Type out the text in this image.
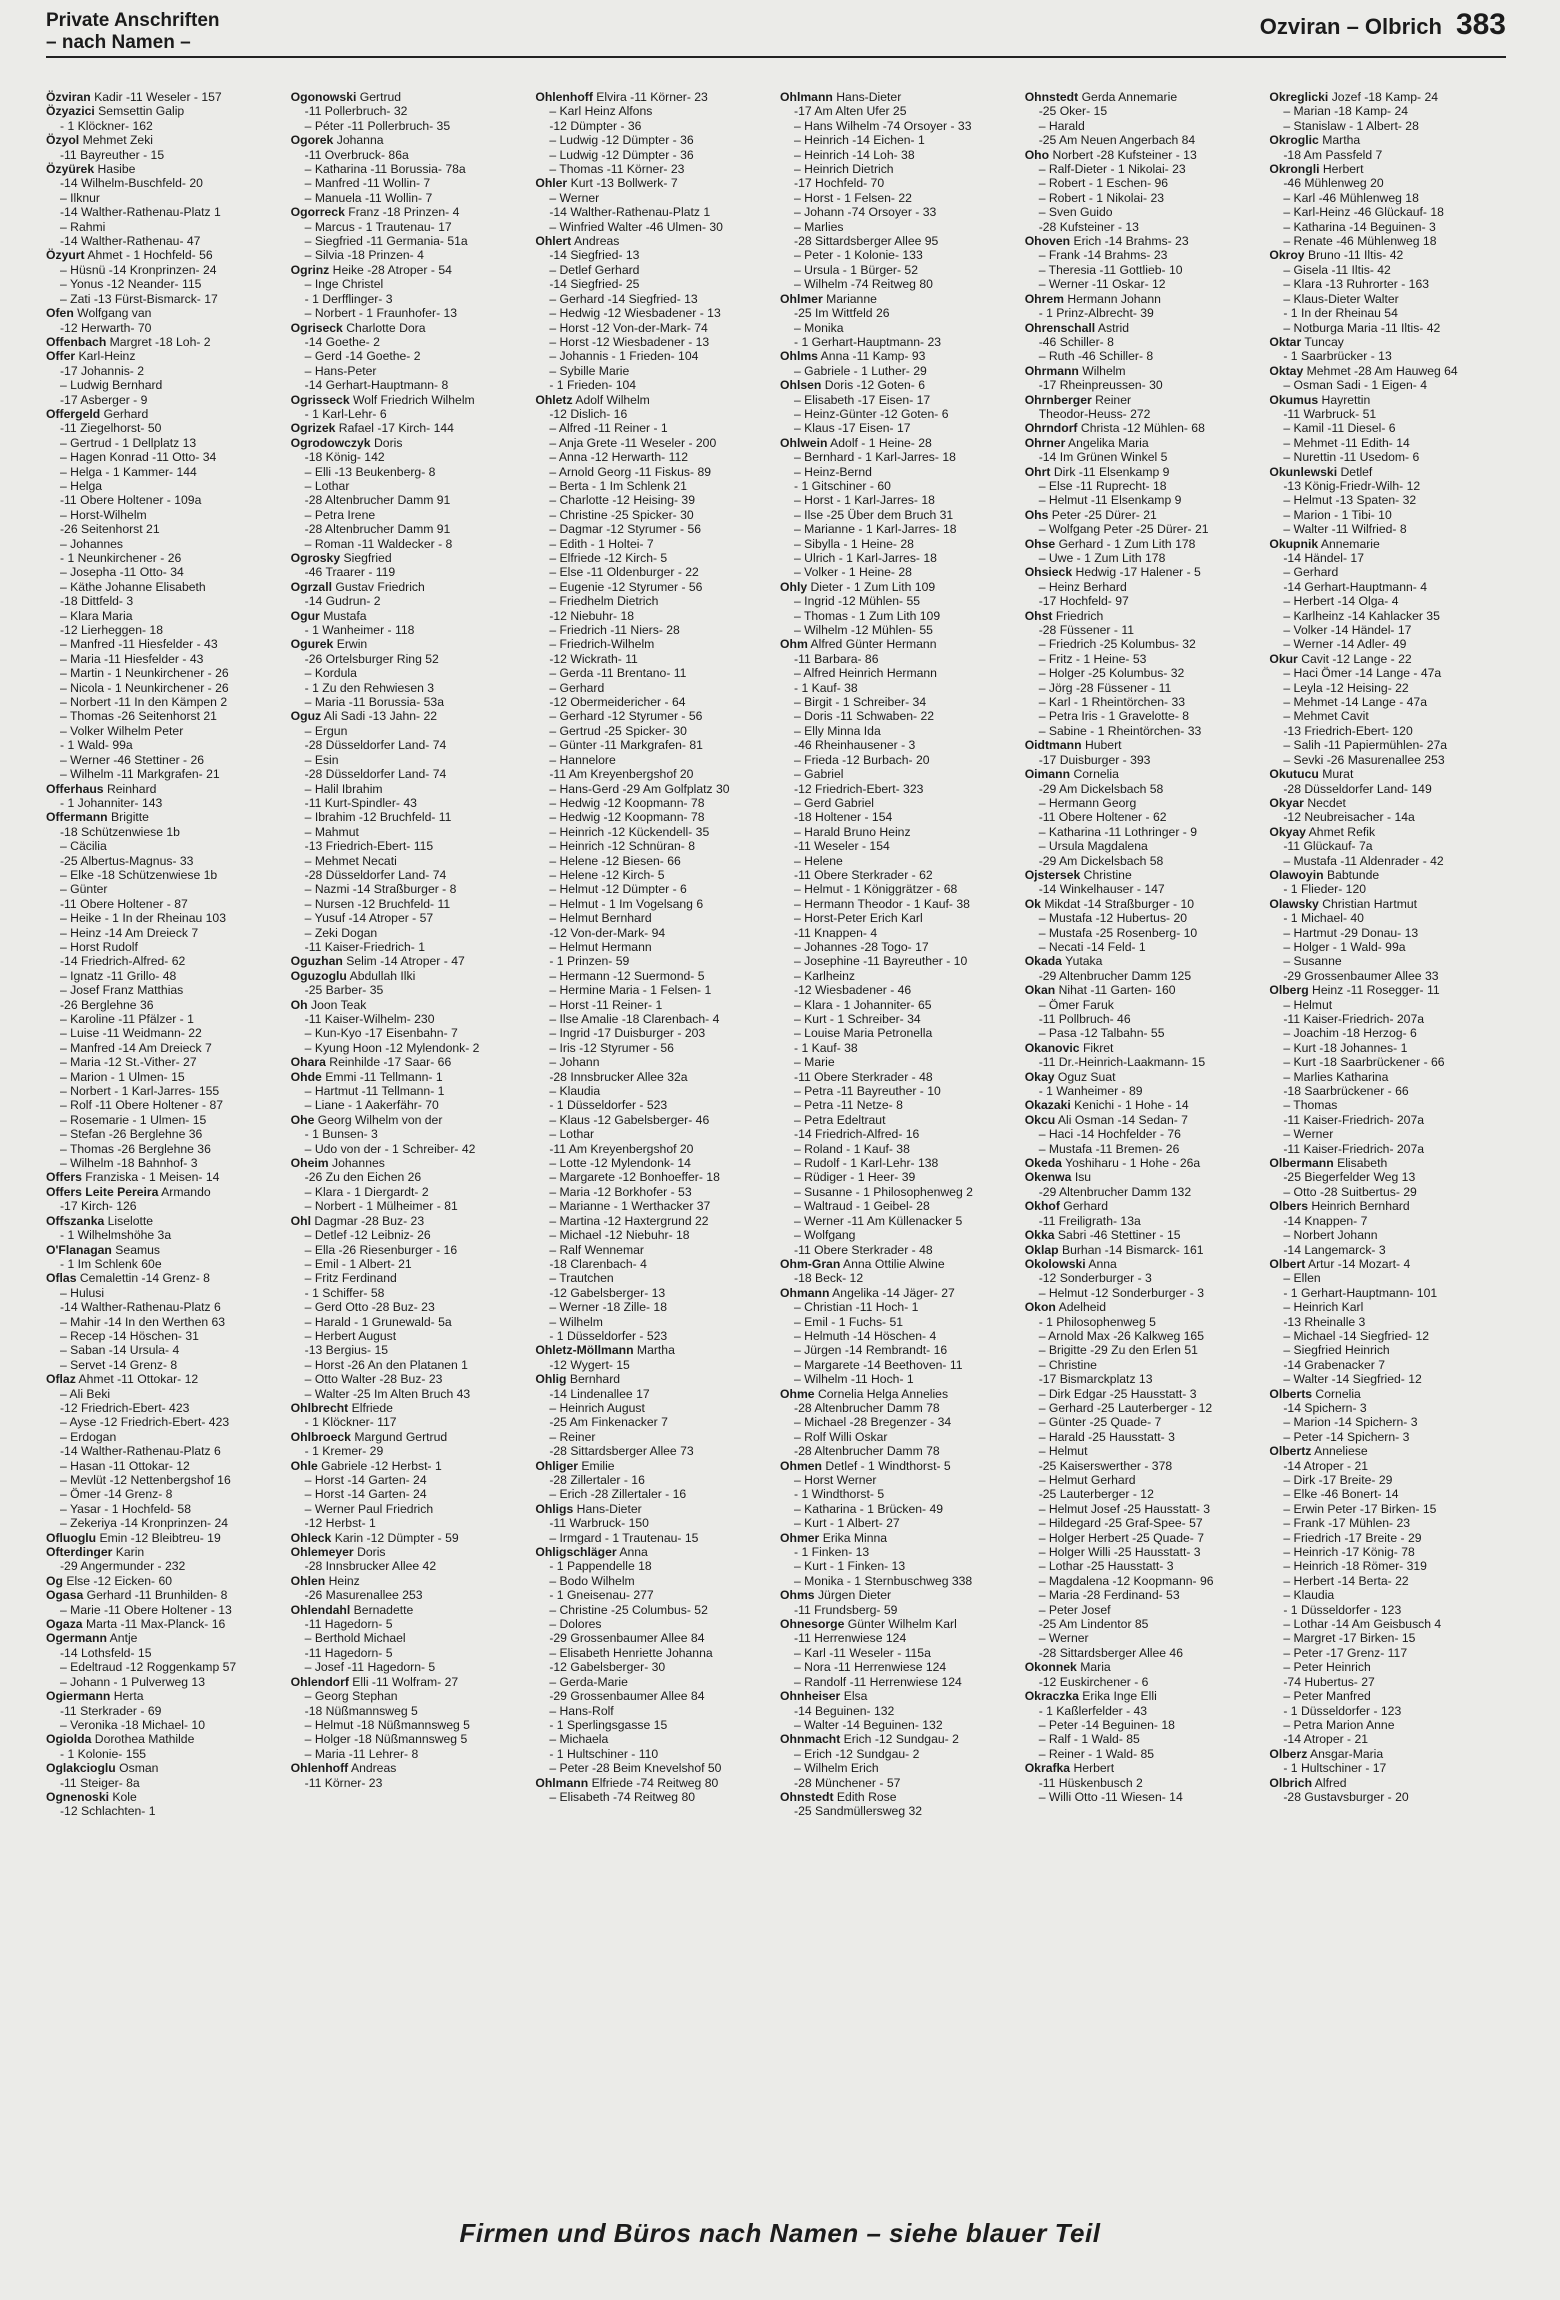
Private Anschriften
– nach Namen –
Ozviran – Olbrich 383
Özviran Kadir -11 Weseler - 157
Özyazici Semsettin Galip
- 1 Klöckner- 162
Özyol Mehmet Zeki
-11 Bayreuther - 15
Özyürek Hasibe
-14 Wilhelm-Buschfeld- 20
– Ilknur
-14 Walther-Rathenau-Platz 1
– Rahmi
-14 Walther-Rathenau- 47
Özyurt Ahmet - 1 Hochfeld- 56
– Hüsnü -14 Kronprinzen- 24
– Yonus -12 Neander- 115
– Zati -13 Fürst-Bismarck- 17
Ofen Wolfgang van
-12 Herwarth- 70
Offenbach Margret -18 Loh- 2
Offer Karl-Heinz
-17 Johannis- 2
– Ludwig Bernhard
-17 Asberger - 9
Offergeld Gerhard
-11 Ziegelhorst- 50
– Gertrud - 1 Dellplatz 13
– Hagen Konrad -11 Otto- 34
– Helga - 1 Kammer- 144
– Helga
-11 Obere Holtener - 109a
– Horst-Wilhelm
-26 Seitenhorst 21
– Johannes
- 1 Neunkirchener - 26
– Josepha -11 Otto- 34
– Käthe Johanne Elisabeth
-18 Dittfeld- 3
– Klara Maria
-12 Lierheggen- 18
– Manfred -11 Hiesfelder - 43
– Maria -11 Hiesfelder - 43
– Martin - 1 Neunkirchener - 26
– Nicola - 1 Neunkirchener - 26
– Norbert -11 In den Kämpen 2
– Thomas -26 Seitenhorst 21
– Volker Wilhelm Peter
- 1 Wald- 99a
– Werner -46 Stettiner - 26
– Wilhelm -11 Markgrafen- 21
Offerhaus Reinhard
- 1 Johanniter- 143
Offermann Brigitte
-18 Schützenwiese 1b
– Cäcilia
-25 Albertus-Magnus- 33
– Elke -18 Schützenwiese 1b
– Günter
-11 Obere Holtener - 87
– Heike - 1 In der Rheinau 103
– Heinz -14 Am Dreieck 7
– Horst Rudolf
-14 Friedrich-Alfred- 62
– Ignatz -11 Grillo- 48
– Josef Franz Matthias
-26 Berglehne 36
– Karoline -11 Pfälzer - 1
– Luise -11 Weidmann- 22
– Manfred -14 Am Dreieck 7
– Maria -12 St.-Vither- 27
– Marion - 1 Ulmen- 15
– Norbert - 1 Karl-Jarres- 155
– Rolf -11 Obere Holtener - 87
– Rosemarie - 1 Ulmen- 15
– Stefan -26 Berglehne 36
– Thomas -26 Berglehne 36
– Wilhelm -18 Bahnhof- 3
Offers Franziska - 1 Meisen- 14
Offers Leite Pereira Armando
-17 Kirch- 126
Offszanka Liselotte
- 1 Wilhelmshöhe 3a
O'Flanagan Seamus
- 1 Im Schlenk 60e
Oflas Cemalettin -14 Grenz- 8
– Hulusi
-14 Walther-Rathenau-Platz 6
– Mahir -14 In den Werthen 63
– Recep -14 Höschen- 31
– Saban -14 Ursula- 4
– Servet -14 Grenz- 8
Oflaz Ahmet -11 Ottokar- 12
– Ali Beki
-12 Friedrich-Ebert- 423
– Ayse -12 Friedrich-Ebert- 423
– Erdogan
-14 Walther-Rathenau-Platz 6
– Hasan -11 Ottokar- 12
– Mevlüt -12 Nettenbergshof 16
– Ömer -14 Grenz- 8
– Yasar - 1 Hochfeld- 58
– Zekeriya -14 Kronprinzen- 24
Ofluoglu Emin -12 Bleibtreu- 19
Ofterdinger Karin
-29 Angermunder - 232
Og Else -12 Eicken- 60
Ogasa Gerhard -11 Brunhilden- 8
– Marie -11 Obere Holtener - 13
Ogaza Marta -11 Max-Planck- 16
Ogermann Antje
-14 Lothsfeld- 15
– Edeltraud -12 Roggenkamp 57
– Johann - 1 Pulverweg 13
Ogiermann Herta
-11 Sterkrader - 69
– Veronika -18 Michael- 10
Ogiolda Dorothea Mathilde
- 1 Kolonie- 155
Oglakcioglu Osman
-11 Steiger- 8a
Ognenoski Kole
-12 Schlachten- 1
Ogonowski Gertrud
-11 Pollerbruch- 32
– Péter -11 Pollerbruch- 35
Ogorek Johanna
-11 Overbruck- 86a
– Katharina -11 Borussia- 78a
– Manfred -11 Wollin- 7
– Manuela -11 Wollin- 7
Ogorreck Franz -18 Prinzen- 4
– Marcus - 1 Trautenau- 17
– Siegfried -11 Germania- 51a
– Silvia -18 Prinzen- 4
Ogrinz Heike -28 Atroper - 54
– Inge Christel
- 1 Derfflinger- 3
– Norbert - 1 Fraunhofer- 13
Ogriseck Charlotte Dora
-14 Goethe- 2
– Gerd -14 Goethe- 2
– Hans-Peter
-14 Gerhart-Hauptmann- 8
Ogrisseck Wolf Friedrich Wilhelm
- 1 Karl-Lehr- 6
Ogrizek Rafael -17 Kirch- 144
Ogrodowczyk Doris
-18 König- 142
– Elli -13 Beukenberg- 8
– Lothar
-28 Altenbrucher Damm 91
– Petra Irene
-28 Altenbrucher Damm 91
– Roman -11 Waldecker - 8
Ogrosky Siegfried
-46 Traarer - 119
Ogrzall Gustav Friedrich
-14 Gudrun- 2
Ogur Mustafa
- 1 Wanheimer - 118
Ogurek Erwin
-26 Ortelsburger Ring 52
– Kordula
- 1 Zu den Rehwiesen 3
– Maria -11 Borussia- 53a
Oguz Ali Sadi -13 Jahn- 22
– Ergun
-28 Düsseldorfer Land- 74
– Esin
-28 Düsseldorfer Land- 74
– Halil Ibrahim
-11 Kurt-Spindler- 43
– Ibrahim -12 Bruchfeld- 11
– Mahmut
-13 Friedrich-Ebert- 115
– Mehmet Necati
-28 Düsseldorfer Land- 74
– Nazmi -14 Straßburger - 8
– Nursen -12 Bruchfeld- 11
– Yusuf -14 Atroper - 57
– Zeki Dogan
-11 Kaiser-Friedrich- 1
Oguzhan Selim -14 Atroper - 47
Oguzoglu Abdullah Ilki
-25 Barber- 35
Oh Joon Teak
-11 Kaiser-Wilhelm- 230
– Kun-Kyo -17 Eisenbahn- 7
– Kyung Hoon -12 Mylendonk- 2
Ohara Reinhilde -17 Saar- 66
Ohde Emmi -11 Tellmann- 1
– Hartmut -11 Tellmann- 1
– Liane - 1 Aakerfähr- 70
Ohe Georg Wilhelm von der
- 1 Bunsen- 3
– Udo von der - 1 Schreiber- 42
Oheim Johannes
-26 Zu den Eichen 26
– Klara - 1 Diergardt- 2
– Norbert - 1 Mülheimer - 81
Ohl Dagmar -28 Buz- 23
– Detlef -12 Leibniz- 26
– Ella -26 Riesenburger - 16
– Emil - 1 Albert- 21
– Fritz Ferdinand
- 1 Schiffer- 58
– Gerd Otto -28 Buz- 23
– Harald - 1 Grunewald- 5a
– Herbert August
-13 Bergius- 15
– Horst -26 An den Platanen 1
– Otto Walter -28 Buz- 23
– Walter -25 Im Alten Bruch 43
Ohlbrecht Elfriede
- 1 Klöckner- 117
Ohlbroeck Margund Gertrud
- 1 Kremer- 29
Ohle Gabriele -12 Herbst- 1
– Horst -14 Garten- 24
– Horst -14 Garten- 24
– Werner Paul Friedrich
-12 Herbst- 1
Ohleck Karin -12 Dümpter - 59
Ohlemeyer Doris
-28 Innsbrucker Allee 42
Ohlen Heinz
-26 Masurenallee 253
Ohlendahl Bernadette
-11 Hagedorn- 5
– Berthold Michael
-11 Hagedorn- 5
– Josef -11 Hagedorn- 5
Ohlendorf Elli -11 Wolfram- 27
– Georg Stephan
-18 Nüßmannsweg 5
– Helmut -18 Nüßmannsweg 5
– Holger -18 Nüßmannsweg 5
– Maria -11 Lehrer- 8
Ohlenhoff Andreas
-11 Körner- 23
Ohlenhoff Elvira -11 Körner- 23
– Karl Heinz Alfons
-12 Dümpter - 36
– Ludwig -12 Dümpter - 36
– Ludwig -12 Dümpter - 36
– Thomas -11 Körner- 23
Ohler Kurt -13 Bollwerk- 7
– Werner
-14 Walther-Rathenau-Platz 1
– Winfried Walter -46 Ulmen- 30
Ohlert Andreas
-14 Siegfried- 13
– Detlef Gerhard
-14 Siegfried- 25
– Gerhard -14 Siegfried- 13
– Hedwig -12 Wiesbadener - 13
– Horst -12 Von-der-Mark- 74
– Horst -12 Wiesbadener - 13
– Johannis - 1 Frieden- 104
– Sybille Marie
- 1 Frieden- 104
Ohletz Adolf Wilhelm
-12 Dislich- 16
– Alfred -11 Reiner - 1
– Anja Grete -11 Weseler - 200
– Anna -12 Herwarth- 112
– Arnold Georg -11 Fiskus- 89
– Berta - 1 Im Schlenk 21
– Charlotte -12 Heising- 39
– Christine -25 Spicker- 30
– Dagmar -12 Styrumer - 56
– Edith - 1 Holtei- 7
– Elfriede -12 Kirch- 5
– Else -11 Oldenburger - 22
– Eugenie -12 Styrumer - 56
– Friedhelm Dietrich
-12 Niebuhr- 18
– Friedrich -11 Niers- 28
– Friedrich-Wilhelm
-12 Wickrath- 11
– Gerda -11 Brentano- 11
– Gerhard
-12 Obermeidericher - 64
– Gerhard -12 Styrumer - 56
– Gertrud -25 Spicker- 30
– Günter -11 Markgrafen- 81
– Hannelore
-11 Am Kreyenbergshof 20
– Hans-Gerd -29 Am Golfplatz 30
– Hedwig -12 Koopmann- 78
– Hedwig -12 Koopmann- 78
– Heinrich -12 Kückendell- 35
– Heinrich -12 Schnüran- 8
– Helene -12 Biesen- 66
– Helene -12 Kirch- 5
– Helmut -12 Dümpter - 6
– Helmut - 1 Im Vogelsang 6
– Helmut Bernhard
-12 Von-der-Mark- 94
– Helmut Hermann
- 1 Prinzen- 59
– Hermann -12 Suermond- 5
– Hermine Maria - 1 Felsen- 1
– Horst -11 Reiner- 1
– Ilse Amalie -18 Clarenbach- 4
– Ingrid -17 Duisburger - 203
– Iris -12 Styrumer - 56
– Johann
-28 Innsbrucker Allee 32a
– Klaudia
- 1 Düsseldorfer - 523
– Klaus -12 Gabelsberger- 46
– Lothar
-11 Am Kreyenbergshof 20
– Lotte -12 Mylendonk- 14
– Margarete -12 Bonhoeffer- 18
– Maria -12 Borkhofer - 53
– Marianne - 1 Werthacker 37
– Martina -12 Haxtergrund 22
– Michael -12 Niebuhr- 18
– Ralf Wennemar
-18 Clarenbach- 4
– Trautchen
-12 Gabelsberger- 13
– Werner -18 Zille- 18
– Wilhelm
- 1 Düsseldorfer - 523
Ohletz-Möllmann Martha
-12 Wygert- 15
Ohlig Bernhard
-14 Lindenallee 17
– Heinrich August
-25 Am Finkenacker 7
– Reiner
-28 Sittardsberger Allee 73
Ohliger Emilie
-28 Zillertaler - 16
– Erich -28 Zillertaler - 16
Ohligs Hans-Dieter
-11 Warbruck- 150
– Irmgard - 1 Trautenau- 15
Ohligschläger Anna
- 1 Pappendelle 18
– Bodo Wilhelm
- 1 Gneisenau- 277
– Christine -25 Columbus- 52
– Dolores
-29 Grossenbaumer Allee 84
– Elisabeth Henriette Johanna
-12 Gabelsberger- 30
– Gerda-Marie
-29 Grossenbaumer Allee 84
– Hans-Rolf
- 1 Sperlingsgasse 15
– Michaela
- 1 Hultschiner - 110
– Peter -28 Beim Knevelshof 50
Ohlmann Elfriede -74 Reitweg 80
– Elisabeth -74 Reitweg 80
Ohlmann Hans-Dieter
-17 Am Alten Ufer 25
– Hans Wilhelm -74 Orsoyer - 33
– Heinrich -14 Eichen- 1
– Heinrich -14 Loh- 38
– Heinrich Dietrich
-17 Hochfeld- 70
– Horst - 1 Felsen- 22
– Johann -74 Orsoyer - 33
– Marlies
-28 Sittardsberger Allee 95
– Peter - 1 Kolonie- 133
– Ursula - 1 Bürger- 52
– Wilhelm -74 Reitweg 80
Ohlmer Marianne
-25 Im Wittfeld 26
– Monika
- 1 Gerhart-Hauptmann- 23
Ohlms Anna -11 Kamp- 93
– Gabriele - 1 Luther- 29
Ohlsen Doris -12 Goten- 6
– Elisabeth -17 Eisen- 17
– Heinz-Günter -12 Goten- 6
– Klaus -17 Eisen- 17
Ohlwein Adolf - 1 Heine- 28
– Bernhard - 1 Karl-Jarres- 18
– Heinz-Bernd
- 1 Gitschiner - 60
– Horst - 1 Karl-Jarres- 18
– Ilse -25 Über dem Bruch 31
– Marianne - 1 Karl-Jarres- 18
– Sibylla - 1 Heine- 28
– Ulrich - 1 Karl-Jarres- 18
– Volker - 1 Heine- 28
Ohly Dieter - 1 Zum Lith 109
– Ingrid -12 Mühlen- 55
– Thomas - 1 Zum Lith 109
– Wilhelm -12 Mühlen- 55
Ohm Alfred Günter Hermann
-11 Barbara- 86
– Alfred Heinrich Hermann
- 1 Kauf- 38
– Birgit - 1 Schreiber- 34
– Doris -11 Schwaben- 22
– Elly Minna Ida
-46 Rheinhausener - 3
– Frieda -12 Burbach- 20
– Gabriel
-12 Friedrich-Ebert- 323
– Gerd Gabriel
-18 Holtener - 154
– Harald Bruno Heinz
-11 Weseler - 154
– Helene
-11 Obere Sterkrader - 62
– Helmut - 1 Königgrätzer - 68
– Hermann Theodor - 1 Kauf- 38
– Horst-Peter Erich Karl
-11 Knappen- 4
– Johannes -28 Togo- 17
– Josephine -11 Bayreuther - 10
– Karlheinz
-12 Wiesbadener - 46
– Klara - 1 Johanniter- 65
– Kurt - 1 Schreiber- 34
– Louise Maria Petronella
- 1 Kauf- 38
– Marie
-11 Obere Sterkrader - 48
– Petra -11 Bayreuther - 10
– Petra -11 Netze- 8
– Petra Edeltraut
-14 Friedrich-Alfred- 16
– Roland - 1 Kauf- 38
– Rudolf - 1 Karl-Lehr- 138
– Rüdiger - 1 Heer- 39
– Susanne - 1 Philosophenweg 2
– Waltraud - 1 Geibel- 28
– Werner -11 Am Küllenacker 5
– Wolfgang
-11 Obere Sterkrader - 48
Ohm-Gran Anna Ottilie Alwine
-18 Beck- 12
Ohmann Angelika -14 Jäger- 27
– Christian -11 Hoch- 1
– Emil - 1 Fuchs- 51
– Helmuth -14 Höschen- 4
– Jürgen -14 Rembrandt- 16
– Margarete -14 Beethoven- 11
– Wilhelm -11 Hoch- 1
Ohme Cornelia Helga Annelies
-28 Altenbrucher Damm 78
– Michael -28 Bregenzer - 34
– Rolf Willi Oskar
-28 Altenbrucher Damm 78
Ohmen Detlef - 1 Windthorst- 5
– Horst Werner
- 1 Windthorst- 5
– Katharina - 1 Brücken- 49
– Kurt - 1 Albert- 27
Ohmer Erika Minna
- 1 Finken- 13
– Kurt - 1 Finken- 13
– Monika - 1 Sternbuschweg 338
Ohms Jürgen Dieter
-11 Frundsberg- 59
Ohnesorge Günter Wilhelm Karl
-11 Herrenwiese 124
– Karl -11 Weseler - 115a
– Nora -11 Herrenwiese 124
– Randolf -11 Herrenwiese 124
Ohnheiser Elsa
-14 Beguinen- 132
– Walter -14 Beguinen- 132
Ohnmacht Erich -12 Sundgau- 2
– Erich -12 Sundgau- 2
– Wilhelm Erich
-28 Münchener - 57
Ohnstedt Edith Rose
-25 Sandmüllersweg 32
Ohnstedt Gerda Annemarie
-25 Oker- 15
– Harald
-25 Am Neuen Angerbach 84
Oho Norbert -28 Kufsteiner - 13
– Ralf-Dieter - 1 Nikolai- 23
– Robert - 1 Eschen- 96
– Robert - 1 Nikolai- 23
– Sven Guido
-28 Kufsteiner - 13
Ohoven Erich -14 Brahms- 23
– Frank -14 Brahms- 23
– Theresia -11 Gottlieb- 10
– Werner -11 Oskar- 12
Ohrem Hermann Johann
- 1 Prinz-Albrecht- 39
Ohrenschall Astrid
-46 Schiller- 8
– Ruth -46 Schiller- 8
Ohrmann Wilhelm
-17 Rheinpreussen- 30
Ohrnberger Reiner
Theodor-Heuss- 272
Ohrndorf Christa -12 Mühlen- 68
Ohrner Angelika Maria
-14 Im Grünen Winkel 5
Ohrt Dirk -11 Elsenkamp 9
– Else -11 Ruprecht- 18
– Helmut -11 Elsenkamp 9
Ohs Peter -25 Dürer- 21
– Wolfgang Peter -25 Dürer- 21
Ohse Gerhard - 1 Zum Lith 178
– Uwe - 1 Zum Lith 178
Ohsieck Hedwig -17 Halener - 5
– Heinz Berhard
-17 Hochfeld- 97
Ohst Friedrich
-28 Füssener - 11
– Friedrich -25 Kolumbus- 32
– Fritz - 1 Heine- 53
– Holger -25 Kolumbus- 32
– Jörg -28 Füssener - 11
– Karl - 1 Rheintörchen- 33
– Petra Iris - 1 Gravelotte- 8
– Sabine - 1 Rheintörchen- 33
Oidtmann Hubert
-17 Duisburger - 393
Oimann Cornelia
-29 Am Dickelsbach 58
– Hermann Georg
-11 Obere Holtener - 62
– Katharina -11 Lothringer - 9
– Ursula Magdalena
-29 Am Dickelsbach 58
Ojstersek Christine
-14 Winkelhauser - 147
Ok Mikdat -14 Straßburger - 10
– Mustafa -12 Hubertus- 20
– Mustafa -25 Rosenberg- 10
– Necati -14 Feld- 1
Okada Yutaka
-29 Altenbrucher Damm 125
Okan Nihat -11 Garten- 160
– Ömer Faruk
-11 Pollbruch- 46
– Pasa -12 Talbahn- 55
Okanovic Fikret
-11 Dr.-Heinrich-Laakmann- 15
Okay Oguz Suat
- 1 Wanheimer - 89
Okazaki Kenichi - 1 Hohe - 14
Okcu Ali Osman -14 Sedan- 7
– Haci -14 Hochfelder - 76
– Mustafa -11 Bremen- 26
Okeda Yoshiharu - 1 Hohe - 26a
Okenwa Isu
-29 Altenbrucher Damm 132
Okhof Gerhard
-11 Freiligrath- 13a
Okka Sabri -46 Stettiner - 15
Oklap Burhan -14 Bismarck- 161
Okolowski Anna
-12 Sonderburger - 3
– Helmut -12 Sonderburger - 3
Okon Adelheid
- 1 Philosophenweg 5
– Arnold Max -26 Kalkweg 165
– Brigitte -29 Zu den Erlen 51
– Christine
-17 Bismarckplatz 13
– Dirk Edgar -25 Hausstatt- 3
– Gerhard -25 Lauterberger - 12
– Günter -25 Quade- 7
– Harald -25 Hausstatt- 3
– Helmut
-25 Kaiserswerther - 378
– Helmut Gerhard
-25 Lauterberger - 12
– Helmut Josef -25 Hausstatt- 3
– Hildegard -25 Graf-Spee- 57
– Holger Herbert -25 Quade- 7
– Holger Willi -25 Hausstatt- 3
– Lothar -25 Hausstatt- 3
– Magdalena -12 Koopmann- 96
– Maria -28 Ferdinand- 53
– Peter Josef
-25 Am Lindentor 85
– Werner
-28 Sittardsberger Allee 46
Okonnek Maria
-12 Euskirchener - 6
Okraczka Erika Inge Elli
- 1 Kaßlerfelder - 43
– Peter -14 Beguinen- 18
– Ralf - 1 Wald- 85
– Reiner - 1 Wald- 85
Okrafka Herbert
-11 Hüskenbusch 2
– Willi Otto -11 Wiesen- 14
Okreglicki Jozef -18 Kamp- 24
– Marian -18 Kamp- 24
– Stanislaw - 1 Albert- 28
Okroglic Martha
-18 Am Passfeld 7
Okrongli Herbert
-46 Mühlenweg 20
– Karl -46 Mühlenweg 18
– Karl-Heinz -46 Glückauf- 18
– Katharina -14 Beguinen- 3
– Renate -46 Mühlenweg 18
Okroy Bruno -11 Iltis- 42
– Gisela -11 Iltis- 42
– Klara -13 Ruhrorter - 163
– Klaus-Dieter Walter
- 1 In der Rheinau 54
– Notburga Maria -11 Iltis- 42
Oktar Tuncay
- 1 Saarbrücker - 13
Oktay Mehmet -28 Am Hauweg 64
– Osman Sadi - 1 Eigen- 4
Okumus Hayrettin
-11 Warbruck- 51
– Kamil -11 Diesel- 6
– Mehmet -11 Edith- 14
– Nurettin -11 Usedom- 6
Okunlewski Detlef
-13 König-Friedr-Wilh- 12
– Helmut -13 Spaten- 32
– Marion - 1 Tibi- 10
– Walter -11 Wilfried- 8
Okupnik Annemarie
-14 Händel- 17
– Gerhard
-14 Gerhart-Hauptmann- 4
– Herbert -14 Olga- 4
– Karlheinz -14 Kahlacker 35
– Volker -14 Händel- 17
– Werner -14 Adler- 49
Okur Cavit -12 Lange - 22
– Haci Ömer -14 Lange - 47a
– Leyla -12 Heising- 22
– Mehmet -14 Lange - 47a
– Mehmet Cavit
-13 Friedrich-Ebert- 120
– Salih -11 Papiermühlen- 27a
– Sevki -26 Masurenallee 253
Okutucu Murat
-28 Düsseldorfer Land- 149
Okyar Necdet
-12 Neubreisacher - 14a
Okyay Ahmet Refik
-11 Glückauf- 7a
– Mustafa -11 Aldenrader - 42
Olawoyin Babtunde
- 1 Flieder- 120
Olawsky Christian Hartmut
- 1 Michael- 40
– Hartmut -29 Donau- 13
– Holger - 1 Wald- 99a
– Susanne
-29 Grossenbaumer Allee 33
Olberg Heinz -11 Rosegger- 11
– Helmut
-11 Kaiser-Friedrich- 207a
– Joachim -18 Herzog- 6
– Kurt -18 Johannes- 1
– Kurt -18 Saarbrückener - 66
– Marlies Katharina
-18 Saarbrückener - 66
– Thomas
-11 Kaiser-Friedrich- 207a
– Werner
-11 Kaiser-Friedrich- 207a
Olbermann Elisabeth
-25 Biegerfelder Weg 13
– Otto -28 Suitbertus- 29
Olbers Heinrich Bernhard
-14 Knappen- 7
– Norbert Johann
-14 Langemarck- 3
Olbert Artur -14 Mozart- 4
– Ellen
- 1 Gerhart-Hauptmann- 101
– Heinrich Karl
-13 Rheinalle 3
– Michael -14 Siegfried- 12
– Siegfried Heinrich
-14 Grabenacker 7
– Walter -14 Siegfried- 12
Olberts Cornelia
-14 Spichern- 3
– Marion -14 Spichern- 3
– Peter -14 Spichern- 3
Olbertz Anneliese
-14 Atroper - 21
– Dirk -17 Breite- 29
– Elke -46 Bonert- 14
– Erwin Peter -17 Birken- 15
– Frank -17 Mühlen- 23
– Friedrich -17 Breite - 29
– Heinrich -17 König- 78
– Heinrich -18 Römer- 319
– Herbert -14 Berta- 22
– Klaudia
- 1 Düsseldorfer - 123
– Lothar -14 Am Geisbusch 4
– Margret -17 Birken- 15
– Peter -17 Grenz- 117
– Peter Heinrich
-74 Hubertus- 27
– Peter Manfred
- 1 Düsseldorfer - 123
– Petra Marion Anne
-14 Atroper - 21
Olberz Ansgar-Maria
- 1 Hultschiner - 17
Olbrich Alfred
-28 Gustavsburger - 20
Firmen und Büros nach Namen – siehe blauer Teil
